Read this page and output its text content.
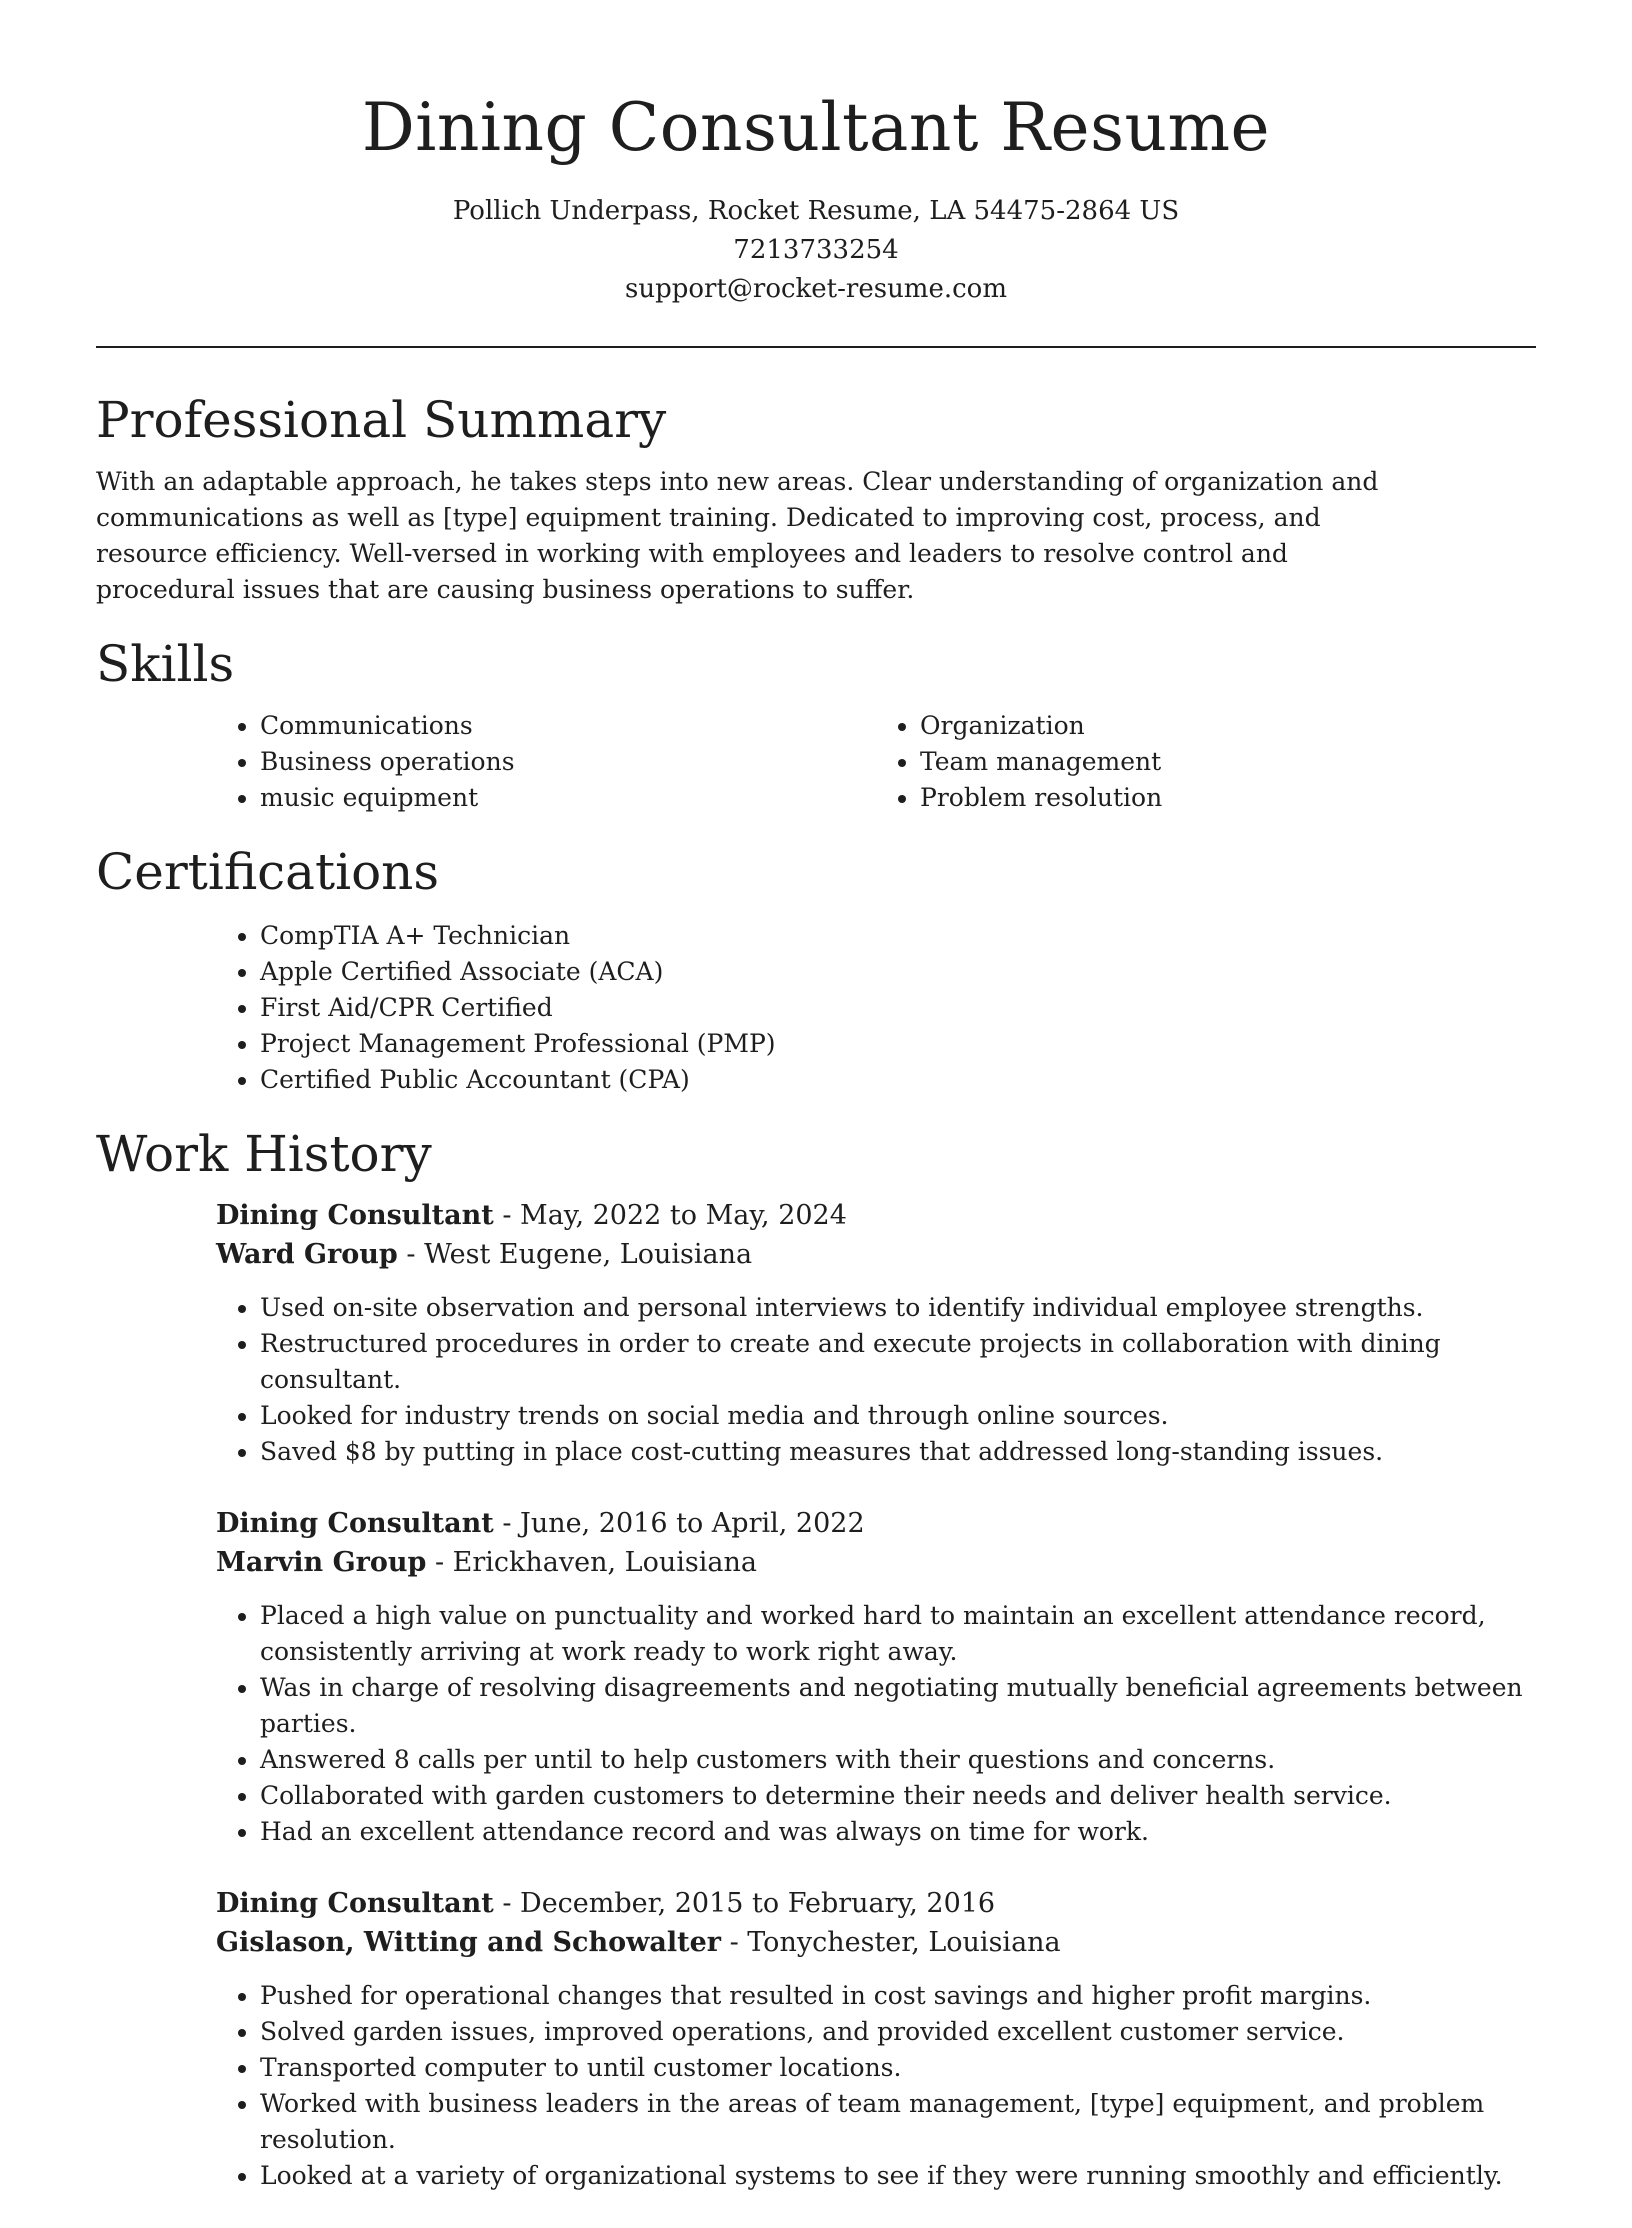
Dining Consultant Resume
Pollich Underpass, Rocket Resume, LA 54475-2864 US
7213733254
support@rocket-resume.com
Professional Summary

With an adaptable approach, he takes steps into new areas. Clear understanding of organization and communications as well as [type] equipment training. Dedicated to improving cost, process, and resource efficiency. Well-versed in working with employees and leaders to resolve control and procedural issues that are causing business operations to suffer.

Skills
• Communications
• Business operations
• music equipment
• Organization
• Team management
• Problem resolution
Certifications
• CompTIA A+ Technician
• Apple Certified Associate (ACA)
• First Aid/CPR Certified
• Project Management Professional (PMP)
• Certified Public Accountant (CPA)
Work History
Dining Consultant - May, 2022 to May, 2024
Ward Group - West Eugene, Louisiana
• Used on-site observation and personal interviews to identify individual employee strengths.
• Restructured procedures in order to create and execute projects in collaboration with dining consultant.
• Looked for industry trends on social media and through online sources.
• Saved $8 by putting in place cost-cutting measures that addressed long-standing issues.
Dining Consultant - June, 2016 to April, 2022
Marvin Group - Erickhaven, Louisiana
• Placed a high value on punctuality and worked hard to maintain an excellent attendance record, consistently arriving at work ready to work right away.
• Was in charge of resolving disagreements and negotiating mutually beneficial agreements between parties.
• Answered 8 calls per until to help customers with their questions and concerns.
• Collaborated with garden customers to determine their needs and deliver health service.
• Had an excellent attendance record and was always on time for work.
Dining Consultant - December, 2015 to February, 2016
Gislason, Witting and Schowalter - Tonychester, Louisiana
• Pushed for operational changes that resulted in cost savings and higher profit margins.
• Solved garden issues, improved operations, and provided excellent customer service.
• Transported computer to until customer locations.
• Worked with business leaders in the areas of team management, [type] equipment, and problem resolution.
• Looked at a variety of organizational systems to see if they were running smoothly and efficiently.
